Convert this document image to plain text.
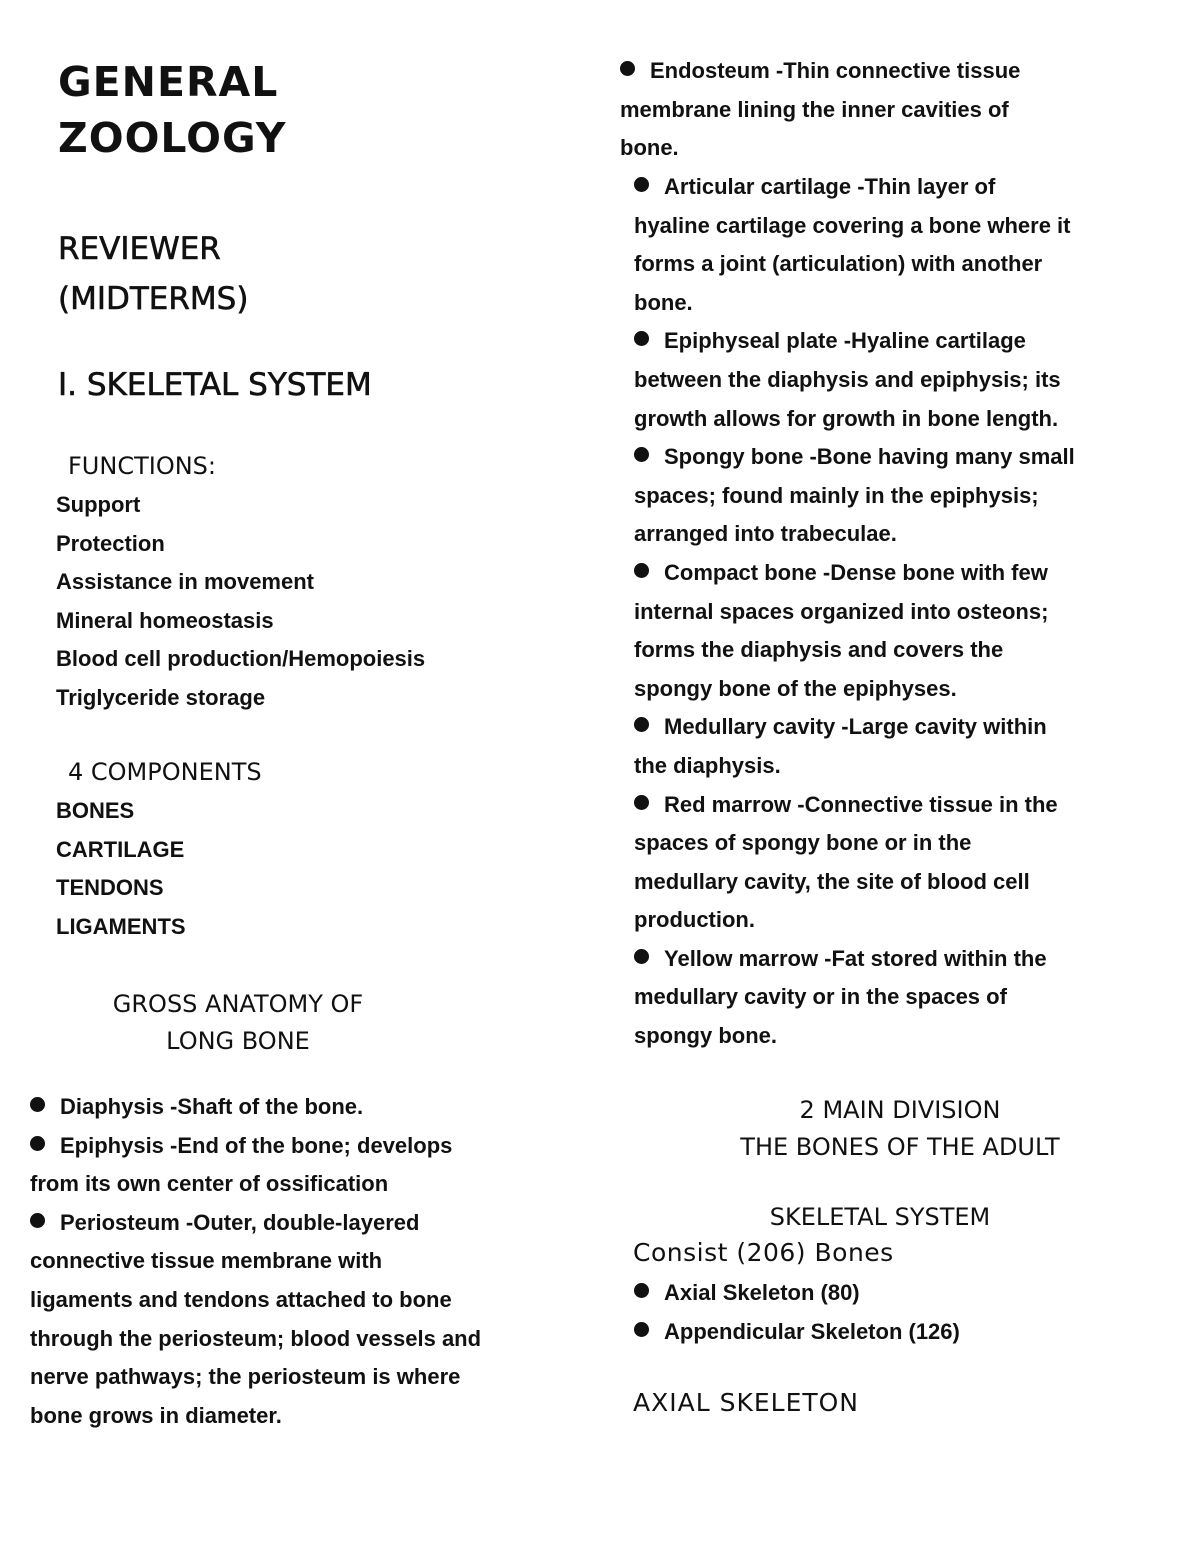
GENERAL
ZOOLOGY
REVIEWER
(MIDTERMS)
I. SKELETAL SYSTEM
FUNCTIONS:
Support
Protection
Assistance in movement
Mineral homeostasis
Blood cell production/Hemopoiesis
Triglyceride storage
4 COMPONENTS
BONES
CARTILAGE
TENDONS
LIGAMENTS
GROSS ANATOMY OF
LONG BONE
Diaphysis -Shaft of the bone.
Epiphysis -End of the bone; develops
from its own center of ossification
Periosteum -Outer, double-layered
connective tissue membrane with
ligaments and tendons attached to bone
through the periosteum; blood vessels and
nerve pathways; the periosteum is where
bone grows in diameter.
Endosteum -Thin connective tissue
membrane lining the inner cavities of
bone.
Articular cartilage -Thin layer of
hyaline cartilage covering a bone where it
forms a joint (articulation) with another
bone.
Epiphyseal plate -Hyaline cartilage
between the diaphysis and epiphysis; its
growth allows for growth in bone length.
Spongy bone -Bone having many small
spaces; found mainly in the epiphysis;
arranged into trabeculae.
Compact bone -Dense bone with few
internal spaces organized into osteons;
forms the diaphysis and covers the
spongy bone of the epiphyses.
Medullary cavity -Large cavity within
the diaphysis.
Red marrow -Connective tissue in the
spaces of spongy bone or in the
medullary cavity, the site of blood cell
production.
Yellow marrow -Fat stored within the
medullary cavity or in the spaces of
spongy bone.
2 MAIN DIVISION
THE BONES OF THE ADULT
SKELETAL SYSTEM
Consist (206) Bones
Axial Skeleton (80)
Appendicular Skeleton (126)
AXIAL SKELETON
